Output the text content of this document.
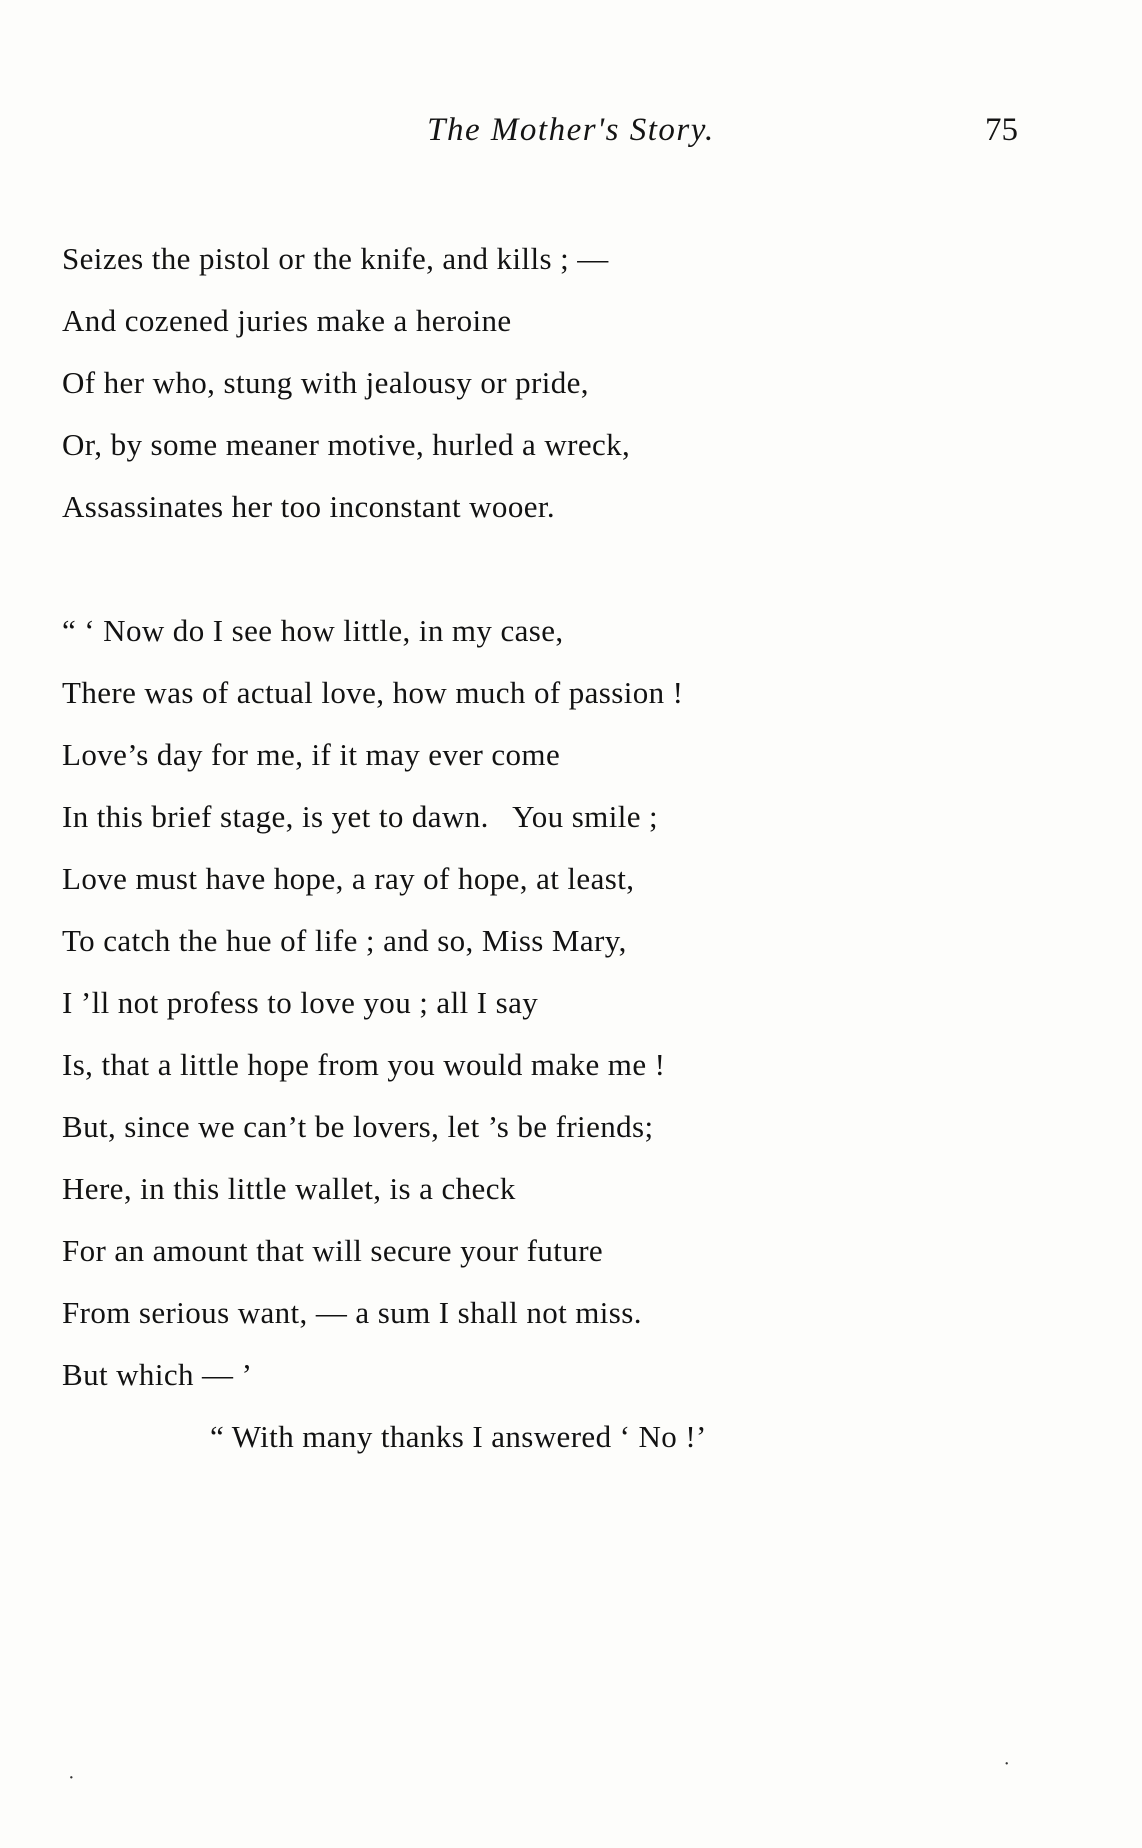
The Mother's Story.	75
Seizes the pistol or the knife, and kills ; —
And cozened juries make a heroine
Of her who, stung with jealousy or pride,
Or, by some meaner motive, hurled a wreck,
Assassinates her too inconstant wooer.
“ ‘ Now do I see how little, in my case,
There was of actual love, how much of passion !
Love’s day for me, if it may ever come
In this brief stage, is yet to dawn.   You smile ;
Love must have hope, a ray of hope, at least,
To catch the hue of life ; and so, Miss Mary,
I ’ll not profess to love you ; all I say
Is, that a little hope from you would make me !
But, since we can’t be lovers, let ’s be friends;
Here, in this little wallet, is a check
For an amount that will secure your future
From serious want, — a sum I shall not miss.
But which — ’
“ With many thanks I answered ‘ No !’
·
·
